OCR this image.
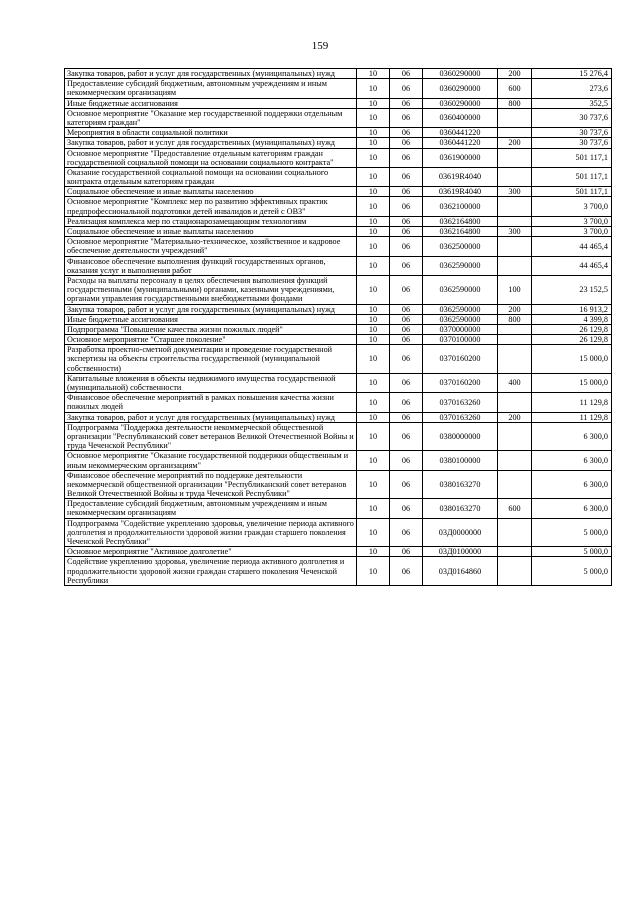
159
Закупка товаров, работ и услуг для государственных (муниципальных) нужд	10	06	0360290000	200	15 276,4
Предоставление субсидий бюджетным, автономным учреждениям и иным некоммерческим организациям	10	06	0360290000	600	273,6
Иные бюджетные ассигнования	10	06	0360290000	800	352,5
Основное мероприятие "Оказание мер государственной поддержки отдельным категориям граждан"	10	06	0360400000		30 737,6
Мероприятия в области социальной политики	10	06	0360441220		30 737,6
Закупка товаров, работ и услуг для государственных (муниципальных) нужд	10	06	0360441220	200	30 737,6
Основное мероприятие "Предоставление отдельным категориям граждан государственной социальной помощи на основании социального контракта"	10	06	0361900000		501 117,1
Оказание государственной социальной помощи на основании социального контракта отдельным категориям граждан	10	06	03619R4040		501 117,1
Социальное обеспечение и иные выплаты населению	10	06	03619R4040	300	501 117,1
Основное мероприятие "Комплекс мер по развитию эффективных практик предпрофессиональной подготовки детей инвалидов и детей с ОВЗ"	10	06	0362100000		3 700,0
Реализация комплекса мер по стационарозамещающим технологиям	10	06	0362164800		3 700,0
Социальное обеспечение и иные выплаты населению	10	06	0362164800	300	3 700,0
Основное мероприятие "Материально-техническое, хозяйственное и кадровое обеспечение деятельности учреждений"	10	06	0362500000		44 465,4
Финансовое обеспечение выполнения функций государственных органов, оказания услуг и выполнения работ	10	06	0362590000		44 465,4
Расходы на выплаты персоналу в целях обеспечения выполнения функций государственными (муниципальными) органами, казенными учреждениями, органами управления государственными внебюджетными фондами	10	06	0362590000	100	23 152,5
Закупка товаров, работ и услуг для государственных (муниципальных) нужд	10	06	0362590000	200	16 913,2
Иные бюджетные ассигнования	10	06	0362590000	800	4 399,8
Подпрограмма "Повышение качества жизни пожилых людей"	10	06	0370000000		26 129,8
Основное мероприятие "Старшее поколение"	10	06	0370100000		26 129,8
Разработка проектно-сметной документации и проведение государственной экспертизы на объекты строительства государственной (муниципальной собственности)	10	06	0370160200		15 000,0
Капитальные вложения в объекты недвижимого имущества государственной (муниципальной) собственности	10	06	0370160200	400	15 000,0
Финансовое обеспечение мероприятий в рамках повышения качества жизни пожилых людей	10	06	0370163260		11 129,8
Закупка товаров, работ и услуг для государственных (муниципальных) нужд	10	06	0370163260	200	11 129,8
Подпрограмма "Поддержка деятельности некоммерческой общественной организации "Республиканский совет ветеранов Великой Отечественной Войны и труда Чеченской Республики"	10	06	0380000000		6 300,0
Основное мероприятие "Оказание государственной поддержки общественным и иным некоммерческим организациям"	10	06	0380100000		6 300,0
Финансовое обеспечение мероприятий по поддержке деятельности некоммерческой общественной организации "Республиканский совет ветеранов Великой Отечественной Войны и труда Чеченской Республики"	10	06	0380163270		6 300,0
Предоставление субсидий бюджетным, автономным учреждениям и иным некоммерческим организациям	10	06	0380163270	600	6 300,0
Подпрограмма "Содействие укреплению здоровья, увеличение периода активного долголетия и продолжительности здоровой жизни граждан старшего поколения Чеченской Республики"	10	06	03Д0000000		5 000,0
Основное мероприятие "Активное долголетие"	10	06	03Д0100000		5 000,0
Содействие укреплению здоровья, увеличение периода активного долголетия и продолжительности здоровой жизни граждан старшего поколения Чеченской Республики	10	06	03Д0164860		5 000,0
